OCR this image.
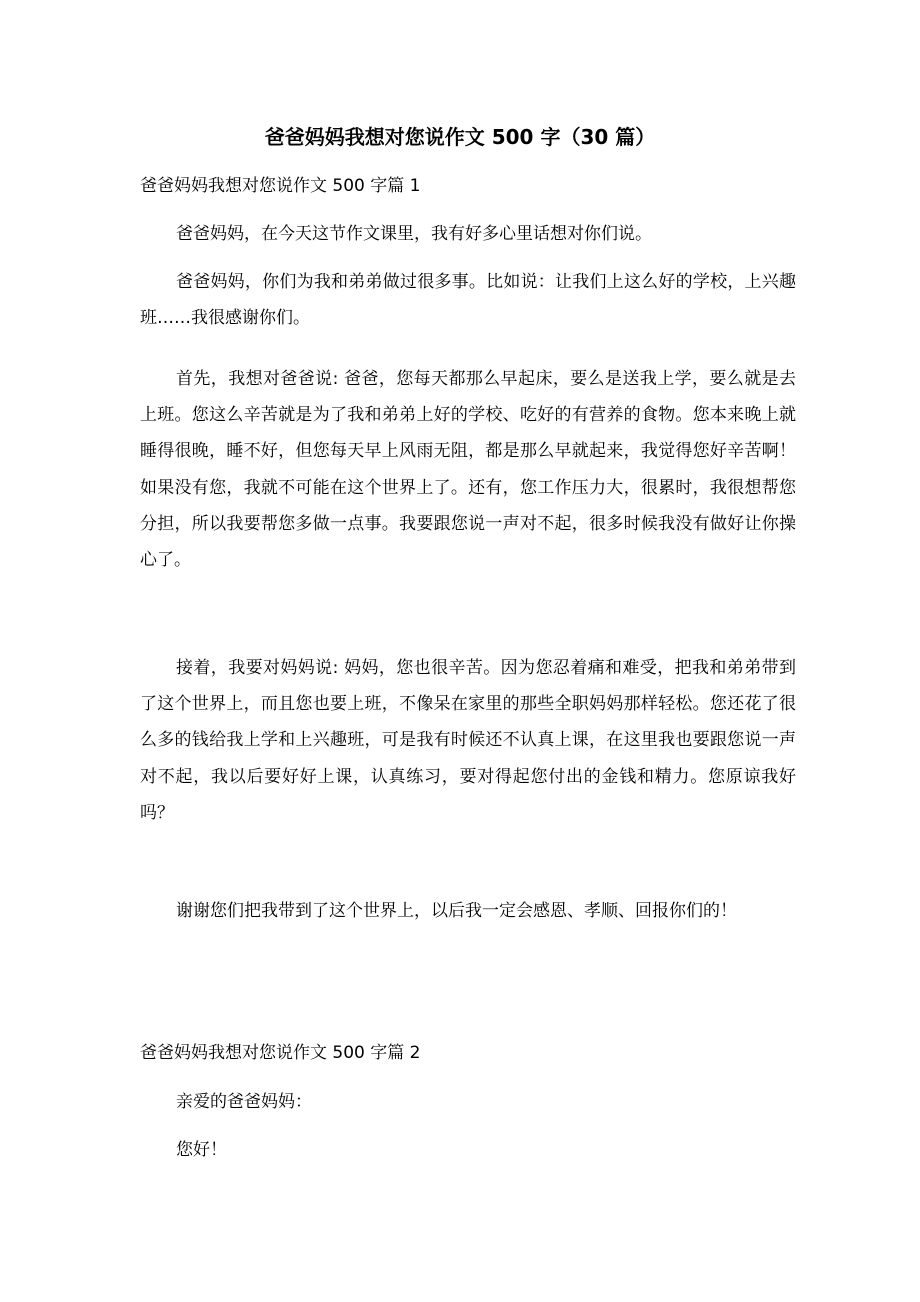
爸爸妈妈我想对您说作文 500 字（30 篇）
爸爸妈妈我想对您说作文 500 字篇 1

爸爸妈妈，在今天这节作文课里，我有好多心里话想对你们说。

爸爸妈妈，你们为我和弟弟做过很多事。比如说：让我们上这么好的学校，上兴趣班……我很感谢你们。

首先，我想对爸爸说: 爸爸，您每天都那么早起床，要么是送我上学，要么就是去上班。您这么辛苦就是为了我和弟弟上好的学校、吃好的有营养的食物。您本来晚上就睡得很晚，睡不好，但您每天早上风雨无阻，都是那么早就起来，我觉得您好辛苦啊！如果没有您，我就不可能在这个世界上了。还有，您工作压力大，很累时，我很想帮您分担，所以我要帮您多做一点事。我要跟您说一声对不起，很多时候我没有做好让你操心了。

接着，我要对妈妈说: 妈妈，您也很辛苦。因为您忍着痛和难受，把我和弟弟带到了这个世界上，而且您也要上班，不像呆在家里的那些全职妈妈那样轻松。您还花了很么多的钱给我上学和上兴趣班，可是我有时候还不认真上课，在这里我也要跟您说一声对不起，我以后要好好上课，认真练习，要对得起您付出的金钱和精力。您原谅我好吗？

谢谢您们把我带到了这个世界上，以后我一定会感恩、孝顺、回报你们的！

爸爸妈妈我想对您说作文 500 字篇 2

亲爱的爸爸妈妈：

您好！
